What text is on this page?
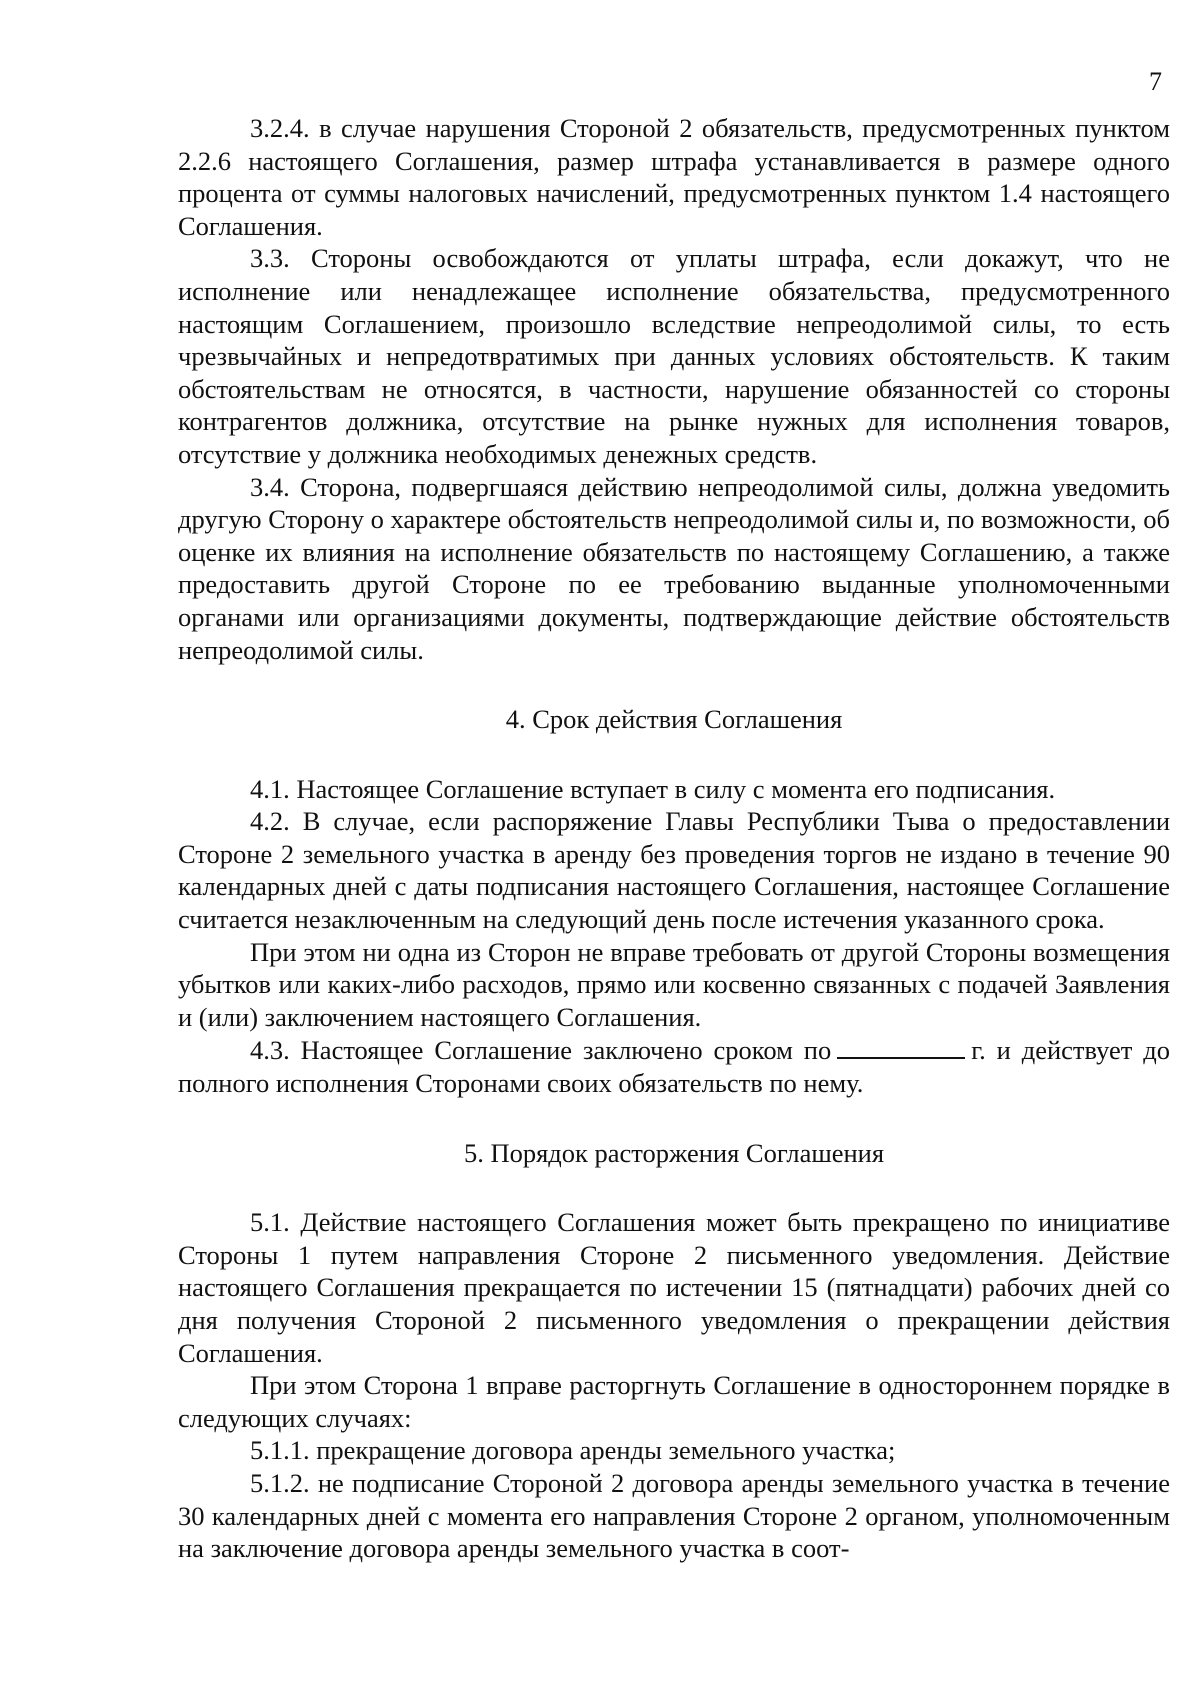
7

3.2.4. в случае нарушения Стороной 2 обязательств, предусмотренных пунктом 2.2.6 настоящего Соглашения, размер штрафа устанавливается в размере одного процента от суммы налоговых начислений, предусмотренных пунктом 1.4 настоящего Соглашения.

3.3. Стороны освобождаются от уплаты штрафа, если докажут, что не исполнение или ненадлежащее исполнение обязательства, предусмотренного настоящим Соглашением, произошло вследствие непреодолимой силы, то есть чрезвычайных и непредотвратимых при данных условиях обстоятельств. К таким обстоятельствам не относятся, в частности, нарушение обязанностей со стороны контрагентов должника, отсутствие на рынке нужных для исполнения товаров, отсутствие у должника необходимых денежных средств.

3.4. Сторона, подвергшаяся действию непреодолимой силы, должна уведомить другую Сторону о характере обстоятельств непреодолимой силы и, по возможности, об оценке их влияния на исполнение обязательств по настоящему Соглашению, а также предоставить другой Стороне по ее требованию выданные уполномоченными органами или организациями документы, подтверждающие действие обстоятельств непреодолимой силы.

4. Срок действия Соглашения

4.1. Настоящее Соглашение вступает в силу с момента его подписания.

4.2. В случае, если распоряжение Главы Республики Тыва о предоставлении Стороне 2 земельного участка в аренду без проведения торгов не издано в течение 90 календарных дней с даты подписания настоящего Соглашения, настоящее Соглашение считается незаключенным на следующий день после истечения указанного срока.

При этом ни одна из Сторон не вправе требовать от другой Стороны возмещения убытков или каких-либо расходов, прямо или косвенно связанных с подачей Заявления и (или) заключением настоящего Соглашения.

4.3. Настоящее Соглашение заключено сроком по	г. и действует до полного исполнения Сторонами своих обязательств по нему.

5. Порядок расторжения Соглашения

5.1. Действие настоящего Соглашения может быть прекращено по инициативе Стороны 1 путем направления Стороне 2 письменного уведомления. Действие настоящего Соглашения прекращается по истечении 15 (пятнадцати) рабочих дней со дня получения Стороной 2 письменного уведомления о прекращении действия Соглашения.

При этом Сторона 1 вправе расторгнуть Соглашение в одностороннем порядке в следующих случаях:

5.1.1. прекращение договора аренды земельного участка;

5.1.2. не подписание Стороной 2 договора аренды земельного участка в течение 30 календарных дней с момента его направления Стороне 2 органом, уполномоченным на заключение договора аренды земельного участка в соот-
